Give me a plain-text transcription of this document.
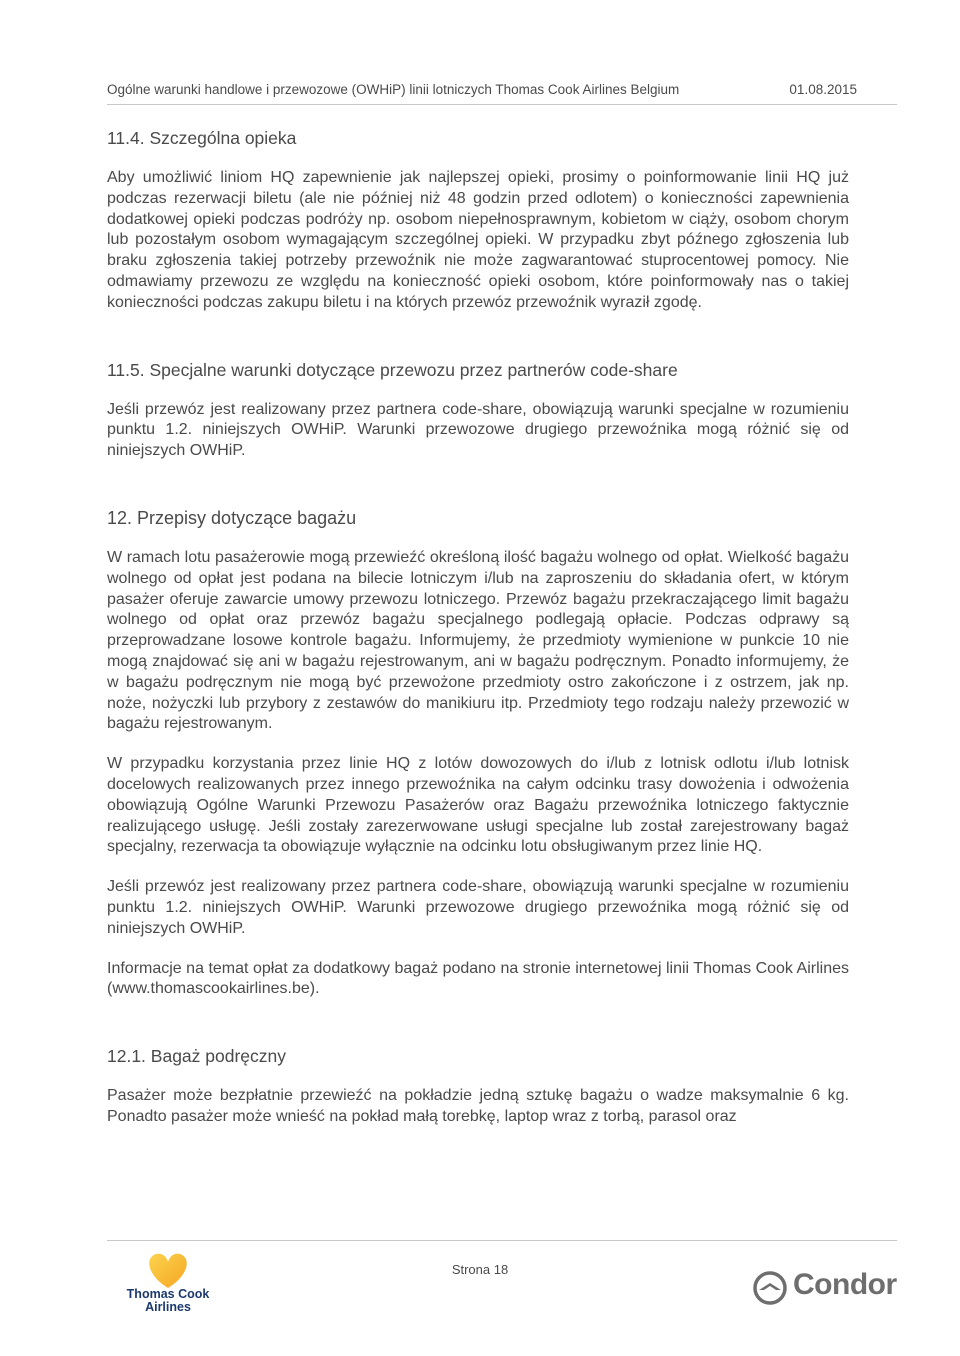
Ogólne warunki handlowe i przewozowe (OWHiP) linii lotniczych Thomas Cook Airlines Belgium	01.08.2015
11.4. Szczególna opieka

Aby umożliwić liniom HQ zapewnienie jak najlepszej opieki, prosimy o poinformowanie linii HQ już podczas rezerwacji biletu (ale nie później niż 48 godzin przed odlotem) o konieczności zapewnienia dodatkowej opieki podczas podróży np. osobom niepełnosprawnym, kobietom w ciąży, osobom chorym lub pozostałym osobom wymagającym szczególnej opieki. W przypadku zbyt późnego zgłoszenia lub braku zgłoszenia takiej potrzeby przewoźnik nie może zagwarantować stuprocentowej pomocy. Nie odmawiamy przewozu ze względu na konieczność opieki osobom, które poinformowały nas o takiej konieczności podczas zakupu biletu i na których przewóz przewoźnik wyraził zgodę.

11.5. Specjalne warunki dotyczące przewozu przez partnerów code-share

Jeśli przewóz jest realizowany przez partnera code-share, obowiązują warunki specjalne w rozumieniu punktu 1.2. niniejszych OWHiP. Warunki przewozowe drugiego przewoźnika mogą różnić się od niniejszych OWHiP.

12. Przepisy dotyczące bagażu

W ramach lotu pasażerowie mogą przewieźć określoną ilość bagażu wolnego od opłat. Wielkość bagażu wolnego od opłat jest podana na bilecie lotniczym i/lub na zaproszeniu do składania ofert, w którym pasażer oferuje zawarcie umowy przewozu lotniczego. Przewóz bagażu przekraczającego limit bagażu wolnego od opłat oraz przewóz bagażu specjalnego podlegają opłacie. Podczas odprawy są przeprowadzane losowe kontrole bagażu. Informujemy, że przedmioty wymienione w punkcie 10 nie mogą znajdować się ani w bagażu rejestrowanym, ani w bagażu podręcznym. Ponadto informujemy, że w bagażu podręcznym nie mogą być przewożone przedmioty ostro zakończone i z ostrzem, jak np. noże, nożyczki lub przybory z zestawów do manikiuru itp. Przedmioty tego rodzaju należy przewozić w bagażu rejestrowanym.

W przypadku korzystania przez linie HQ z lotów dowozowych do i/lub z lotnisk odlotu i/lub lotnisk docelowych realizowanych przez innego przewoźnika na całym odcinku trasy dowożenia i odwożenia obowiązują Ogólne Warunki Przewozu Pasażerów oraz Bagażu przewoźnika lotniczego faktycznie realizującego usługę. Jeśli zostały zarezerwowane usługi specjalne lub został zarejestrowany bagaż specjalny, rezerwacja ta obowiązuje wyłącznie na odcinku lotu obsługiwanym przez linie HQ.

Jeśli przewóz jest realizowany przez partnera code-share, obowiązują warunki specjalne w rozumieniu punktu 1.2. niniejszych OWHiP. Warunki przewozowe drugiego przewoźnika mogą różnić się od niniejszych OWHiP.

Informacje na temat opłat za dodatkowy bagaż podano na stronie internetowej linii Thomas Cook Airlines (www.thomascookairlines.be).

12.1. Bagaż podręczny

Pasażer może bezpłatnie przewieźć na pokładzie jedną sztukę bagażu o wadze maksymalnie 6 kg. Ponadto pasażer może wnieść na pokład małą torebkę, laptop wraz z torbą, parasol oraz

Thomas Cook
Airlines
Strona 18	Condor
